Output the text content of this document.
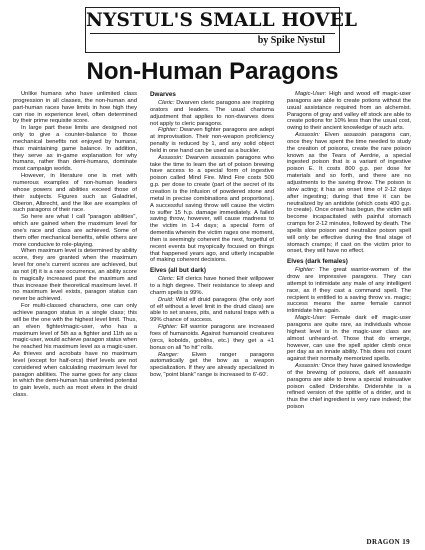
NYSTUL'S SMALL HOVEL
by Spike Nystul
Non-Human Paragons

Unlike humans who have unlimited class progression in all classes, the non-human and part-human races have limits in how high they can rise in experience level, often determined by their prime requisite score.

In large part these limits are designed not only to give a counter-balance to those mechanical benefits not enjoyed by humans, thus maintaining game balance. In addition, they serve as in-game explanation for why humans, rather than demi-humans, dominate most campaign worlds.

However, in literature one is met with numerous examples of non-human leaders whose powers and abilities exceed those of their subjects. Figures such as Galadriel, Oberon, Albrecht, and the like are examples of such paragons of their race.

So here are what I call "paragon abilities", which are gained when the maximum level for one's race and class are achieved. Some of them offer mechanical benefits, while others are more conducive to role-playing.

When maximum level is determined by ability score, they are granted when the maximum level for one's current scores are achieved, but as not (if) it is a rare occurrence, an ability score is magically increased past the maximum and thus increase their theoretical maximum level. If no maximum level exists, paragon status can never be achieved.

For multi-classed characters, one can only achieve paragon status in a single class; this will be the one with the highest level limit. Thus, an elven fighter/magic-user, who has a maximum level of 5th as a fighter and 11th as a magic-user, would achieve paragon status when he reached his maximum level as a magic-user. As thieves and acrobats have no maximum level (except for half-orcs) thief levels are not considered when calculating maximum level for paragon abilities. The same goes for any class in which the demi-human has unlimited potential to gain levels, such as most elves in the druid class.

Dwarves

Cleric: Dwarven cleric paragons are inspiring orators and leaders. The usual charisma adjustment that applies to non-dwarves does not apply to cleric paragons.

Fighter: Dwarven fighter paragons are adept at improvisation. Their non-weapon proficiency penalty is reduced by 1, and any solid object held in one hand can be used as a buckler.

Assassin: Dwarven assassin paragons who take the time to learn the art of poison brewing have access to a special form of ingestive poison called Mind Fire. Mind Fire costs 500 g.p. per dose to create (part of the secret of its creation is the infusion of powdered stone and metal in precise combinations and proportions). A successful saving throw will cause the victim to suffer 15 h.p. damage immediately. A failed saving throw, however, will cause madness to the victim in 1-4 days; a special form of dementia wherein the victim rages one moment, then is seemingly coherent the next, forgetful of recent events but myopically focused on things that happened years ago, and utterly incapable of making coherent decisions.

Elves (all but dark)

Cleric: Elf clerics have honed their willpower to a high degree. Their resistance to sleep and charm spells is 99%.

Druid: Wild elf druid paragons (the only sort of elf without a level limit in the druid class) are able to set snares, pits, and natural traps with a 99% chance of success.

Fighter: Elf warrior paragons are increased foes of humanoids. Against humanoid creatures (orcs, kobolds, goblins, etc.) they get a +1 bonus on all "to hit" rolls.

Ranger: Elven ranger paragons automatically get the bow as a weapon specialization. If they are already specialized in bow, "point blank" range is increased to 6'-60'.

Magic-User: High and wood elf magic-user paragons are able to create potions without the usual assistance required from an alchemist. Paragons of gray and valley elf stock are able to create potions for 10% less than the usual cost, owing to their ancient knowledge of such arts.

Assassin: Elven assassin paragons can, once they have spent the time needed to study the creation of poisons, create the rare poison known as the Tears of Aerdrie, a special ingested poison that is a variant of ingestive poison E. It costs 800 g.p. per dose for materials and so forth, and there are no adjustments to the saving throw. The poison is slow acting; it has an onset time of 2-12 days after ingesting; during that time it can be neutralized by an antidote (which costs 400 g.p. to create). Once onset has begun, the victim will become incapacitated with painful stomach cramps for 2-12 minutes, followed by death. The spells slow poison and neutralize poison spell will only be effective during the final stage of stomach cramps; if cast on the victim prior to onset, they will have no effect.

Elves (dark females)

Fighter: The great warrior-women of the drow are impressive paragons. They can attempt to intimidate any male of any intelligent race, as if they cast a command spell. The recipient is entitled to a saving throw vs. magic; success means the same female cannot intimidate him again.

Magic-User: Female dark elf magic-user paragons are quite rare, as individuals whose highest level is in the magic-user class are almost unheard-of. Those that do emerge, however, can use the spell spider climb once per day as an innate ability. This does not count against their normally memorized spells.

Assassin: Once they have gained knowledge of the brewing of poisons, dark elf assassin paragons are able to brew a special insinuative poison called Dridershite. Dridershite is a refined version of the spittle of a drider, and is thus the chief ingredient is very rare indeed; the poison

DRAGON 19
